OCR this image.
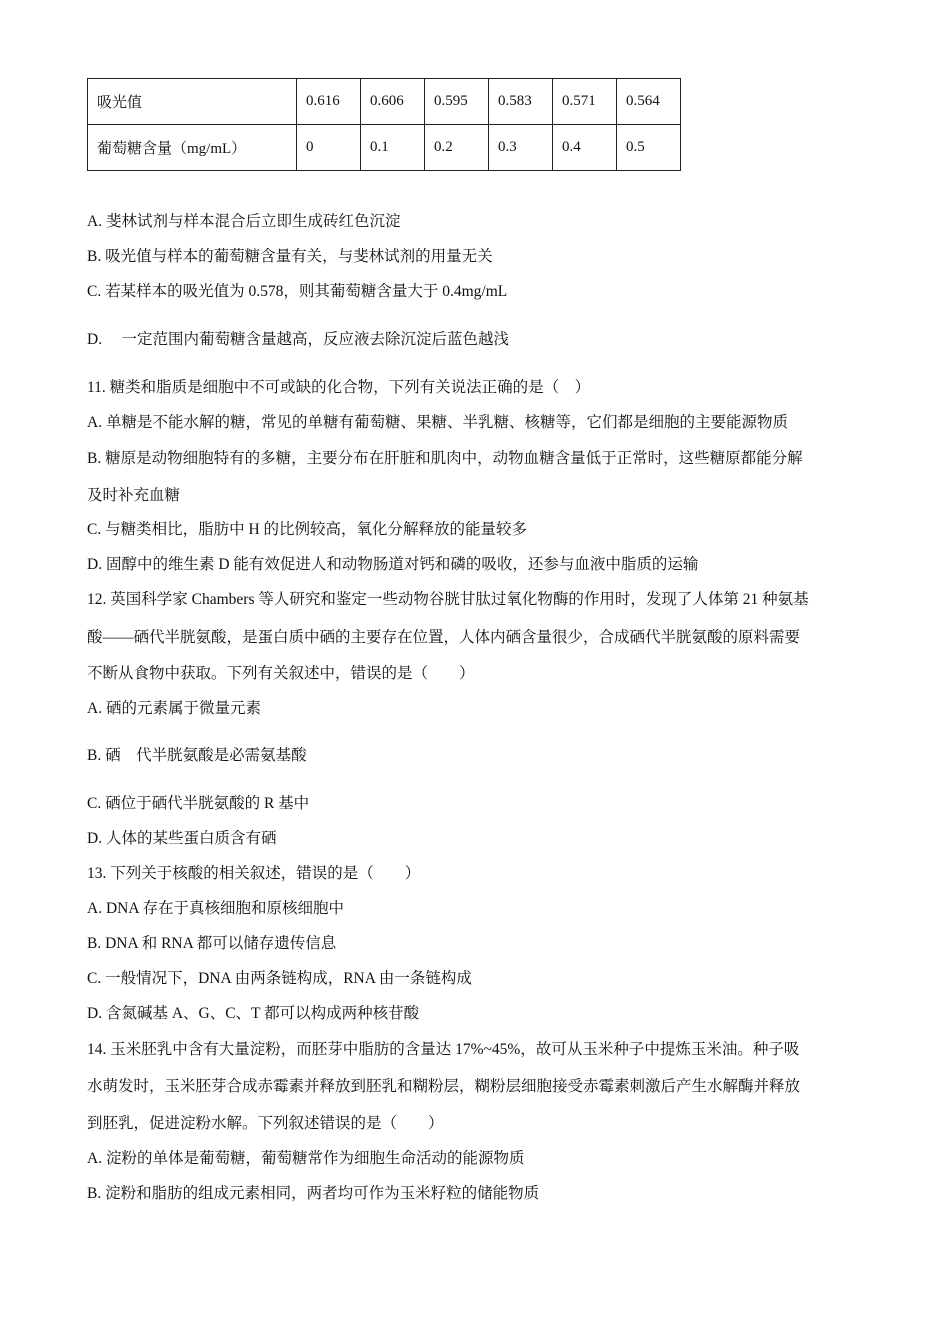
吸光值	0.616	0.606	0.595	0.583	0.571	0.564
葡萄糖含量（mg/mL）	0	0.1	0.2	0.3	0.4	0.5
A. 斐林试剂与样本混合后立即生成砖红色沉淀
B. 吸光值与样本的葡萄糖含量有关，与斐林试剂的用量无关
C. 若某样本的吸光值为 0.578，则其葡萄糖含量大于 0.4mg/mL
D.　 一定范围内葡萄糖含量越高，反应液去除沉淀后蓝色越浅
11. 糖类和脂质是细胞中不可或缺的化合物，下列有关说法正确的是（　）
A. 单糖是不能水解的糖，常见的单糖有葡萄糖、果糖、半乳糖、核糖等，它们都是细胞的主要能源物质
B. 糖原是动物细胞特有的多糖，主要分布在肝脏和肌肉中，动物血糖含量低于正常时，这些糖原都能分解
及时补充血糖
C. 与糖类相比，脂肪中 H 的比例较高，氧化分解释放的能量较多
D. 固醇中的维生素 D 能有效促进人和动物肠道对钙和磷的吸收，还参与血液中脂质的运输
12. 英国科学家 Chambers 等人研究和鉴定一些动物谷胱甘肽过氧化物酶的作用时，发现了人体第 21 种氨基
酸——硒代半胱氨酸，是蛋白质中硒的主要存在位置，人体内硒含量很少，合成硒代半胱氨酸的原料需要
不断从食物中获取。下列有关叙述中，错误的是（　　）
A. 硒的元素属于微量元素
B. 硒　代半胱氨酸是必需氨基酸
C. 硒位于硒代半胱氨酸的 R 基中
D. 人体的某些蛋白质含有硒
13. 下列关于核酸的相关叙述，错误的是（　　）
A. DNA 存在于真核细胞和原核细胞中
B. DNA 和 RNA 都可以储存遗传信息
C. 一般情况下，DNA 由两条链构成，RNA 由一条链构成
D. 含氮碱基 A、G、C、T 都可以构成两种核苷酸
14. 玉米胚乳中含有大量淀粉，而胚芽中脂肪的含量达 17%~45%，故可从玉米种子中提炼玉米油。种子吸
水萌发时，玉米胚芽合成赤霉素并释放到胚乳和糊粉层，糊粉层细胞接受赤霉素刺激后产生水解酶并释放
到胚乳，促进淀粉水解。下列叙述错误的是（　　）
A. 淀粉的单体是葡萄糖，葡萄糖常作为细胞生命活动的能源物质
B. 淀粉和脂肪的组成元素相同，两者均可作为玉米籽粒的储能物质
